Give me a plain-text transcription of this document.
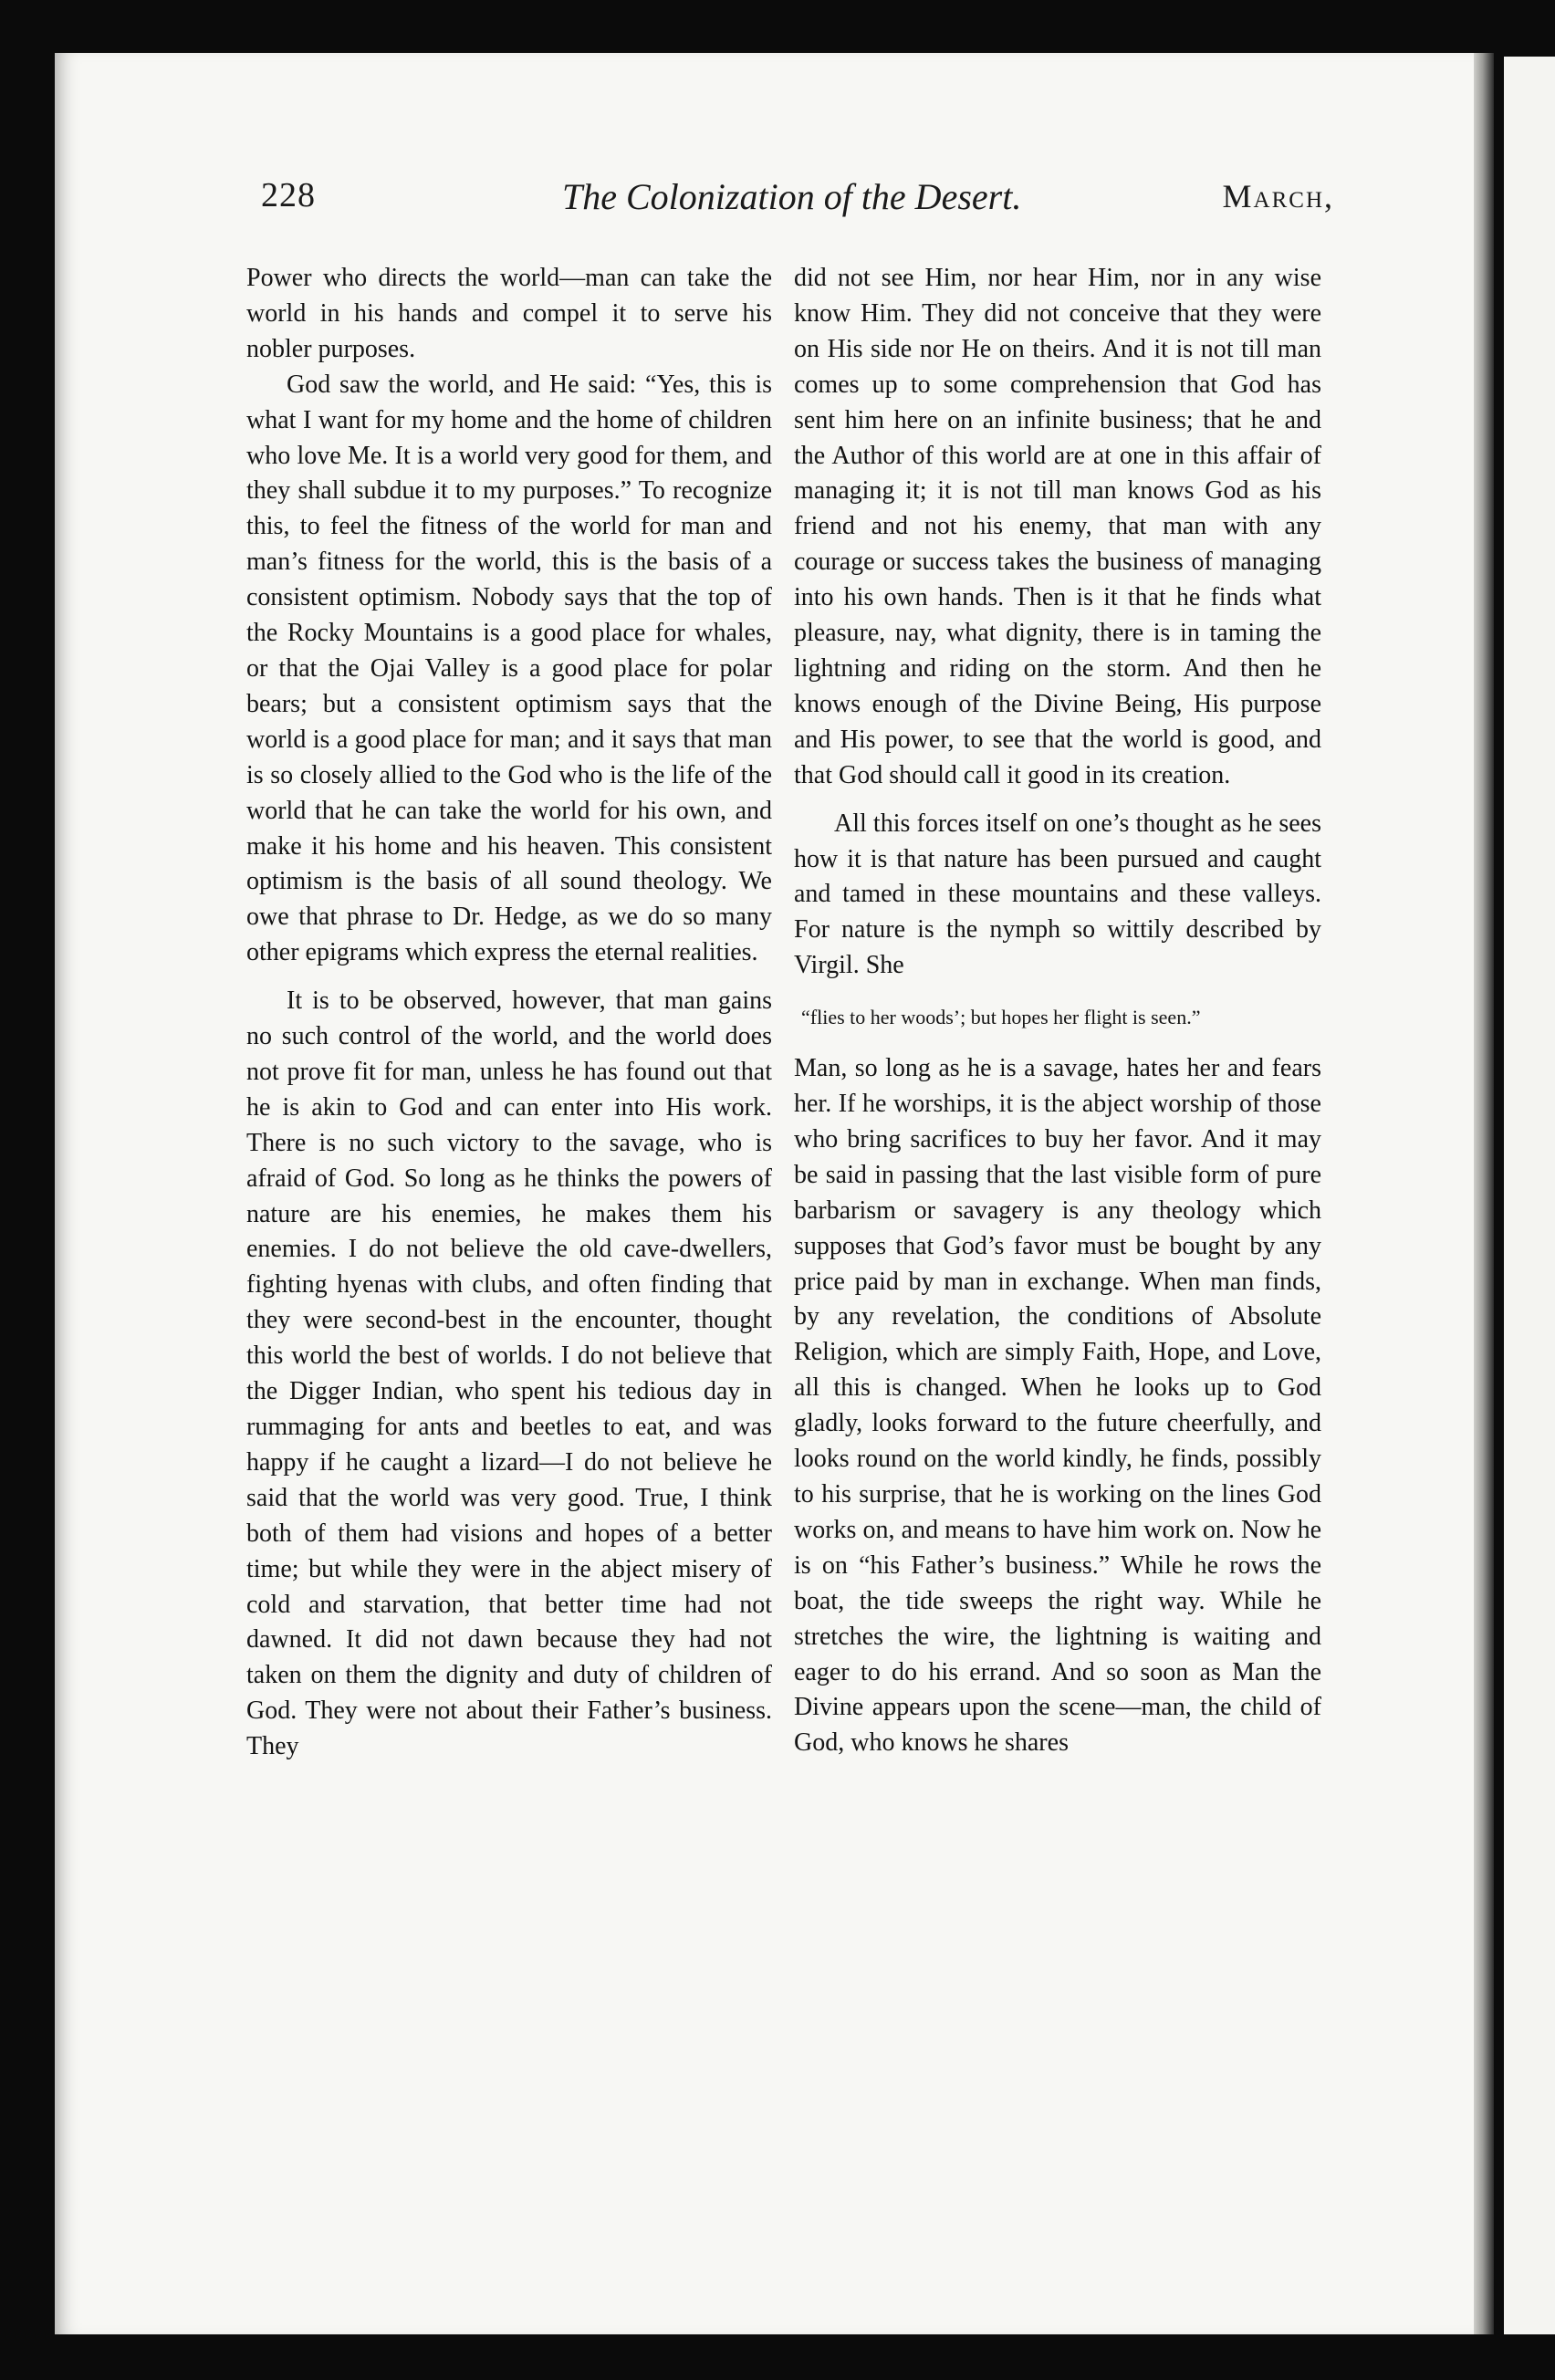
228	The Colonization of the Desert.	March,

Power who directs the world—man can take the world in his hands and compel it to serve his nobler purposes.

God saw the world, and He said: “Yes, this is what I want for my home and the home of children who love Me. It is a world very good for them, and they shall subdue it to my purposes.” To recognize this, to feel the fitness of the world for man and man’s fitness for the world, this is the basis of a consistent optimism. Nobody says that the top of the Rocky Mountains is a good place for whales, or that the Ojai Valley is a good place for polar bears; but a consistent optimism says that the world is a good place for man; and it says that man is so closely allied to the God who is the life of the world that he can take the world for his own, and make it his home and his heaven. This consistent optimism is the basis of all sound theology. We owe that phrase to Dr. Hedge, as we do so many other epigrams which express the eternal realities.

It is to be observed, however, that man gains no such control of the world, and the world does not prove fit for man, unless he has found out that he is akin to God and can enter into His work. There is no such victory to the savage, who is afraid of God. So long as he thinks the powers of nature are his enemies, he makes them his enemies. I do not believe the old cave-dwellers, fighting hyenas with clubs, and often finding that they were second-best in the encounter, thought this world the best of worlds. I do not believe that the Digger Indian, who spent his tedious day in rummaging for ants and beetles to eat, and was happy if he caught a lizard—I do not believe he said that the world was very good. True, I think both of them had visions and hopes of a better time; but while they were in the abject misery of cold and starvation, that better time had not dawned. It did not dawn because they had not taken on them the dignity and duty of children of God. They were not about their Father’s business. They

did not see Him, nor hear Him, nor in any wise know Him. They did not conceive that they were on His side nor He on theirs. And it is not till man comes up to some comprehension that God has sent him here on an infinite business; that he and the Author of this world are at one in this affair of managing it; it is not till man knows God as his friend and not his enemy, that man with any courage or success takes the business of managing into his own hands. Then is it that he finds what pleasure, nay, what dignity, there is in taming the lightning and riding on the storm. And then he knows enough of the Divine Being, His purpose and His power, to see that the world is good, and that God should call it good in its creation.

All this forces itself on one’s thought as he sees how it is that nature has been pursued and caught and tamed in these mountains and these valleys. For nature is the nymph so wittily described by Virgil. She

“flies to her woods’; but hopes her flight is seen.”

Man, so long as he is a savage, hates her and fears her. If he worships, it is the abject worship of those who bring sacrifices to buy her favor. And it may be said in passing that the last visible form of pure barbarism or savagery is any theology which supposes that God’s favor must be bought by any price paid by man in exchange. When man finds, by any revelation, the conditions of Absolute Religion, which are simply Faith, Hope, and Love, all this is changed. When he looks up to God gladly, looks forward to the future cheerfully, and looks round on the world kindly, he finds, possibly to his surprise, that he is working on the lines God works on, and means to have him work on. Now he is on “his Father’s business.” While he rows the boat, the tide sweeps the right way. While he stretches the wire, the lightning is waiting and eager to do his errand. And so soon as Man the Divine appears upon the scene—man, the child of God, who knows he shares
